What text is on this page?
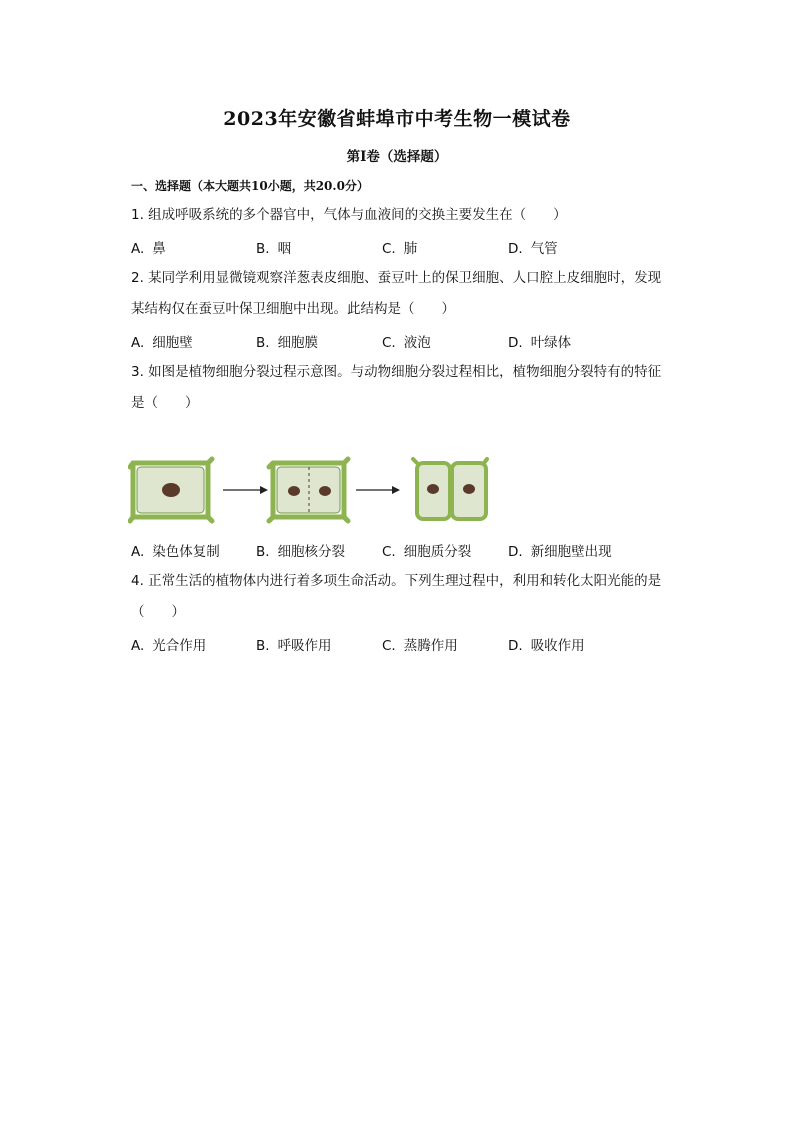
2023年安徽省蚌埠市中考生物一模试卷
第Ⅰ卷（选择题）
一、选择题（本大题共10小题，共20.0分）
1. 组成呼吸系统的多个器官中，气体与血液间的交换主要发生在（　　）
A. 鼻	B. 咽	C. 肺	D. 气管
2. 某同学利用显微镜观察洋葱表皮细胞、蚕豆叶上的保卫细胞、人口腔上皮细胞时，发现
某结构仅在蚕豆叶保卫细胞中出现。此结构是（　　）
A. 细胞壁	B. 细胞膜	C. 液泡	D. 叶绿体
3. 如图是植物细胞分裂过程示意图。与动物细胞分裂过程相比，植物细胞分裂特有的特征
是（　　）
A. 染色体复制	B. 细胞核分裂	C. 细胞质分裂	D. 新细胞壁出现
4. 正常生活的植物体内进行着多项生命活动。下列生理过程中，利用和转化太阳光能的是
（　　）
A. 光合作用	B. 呼吸作用	C. 蒸腾作用	D. 吸收作用
